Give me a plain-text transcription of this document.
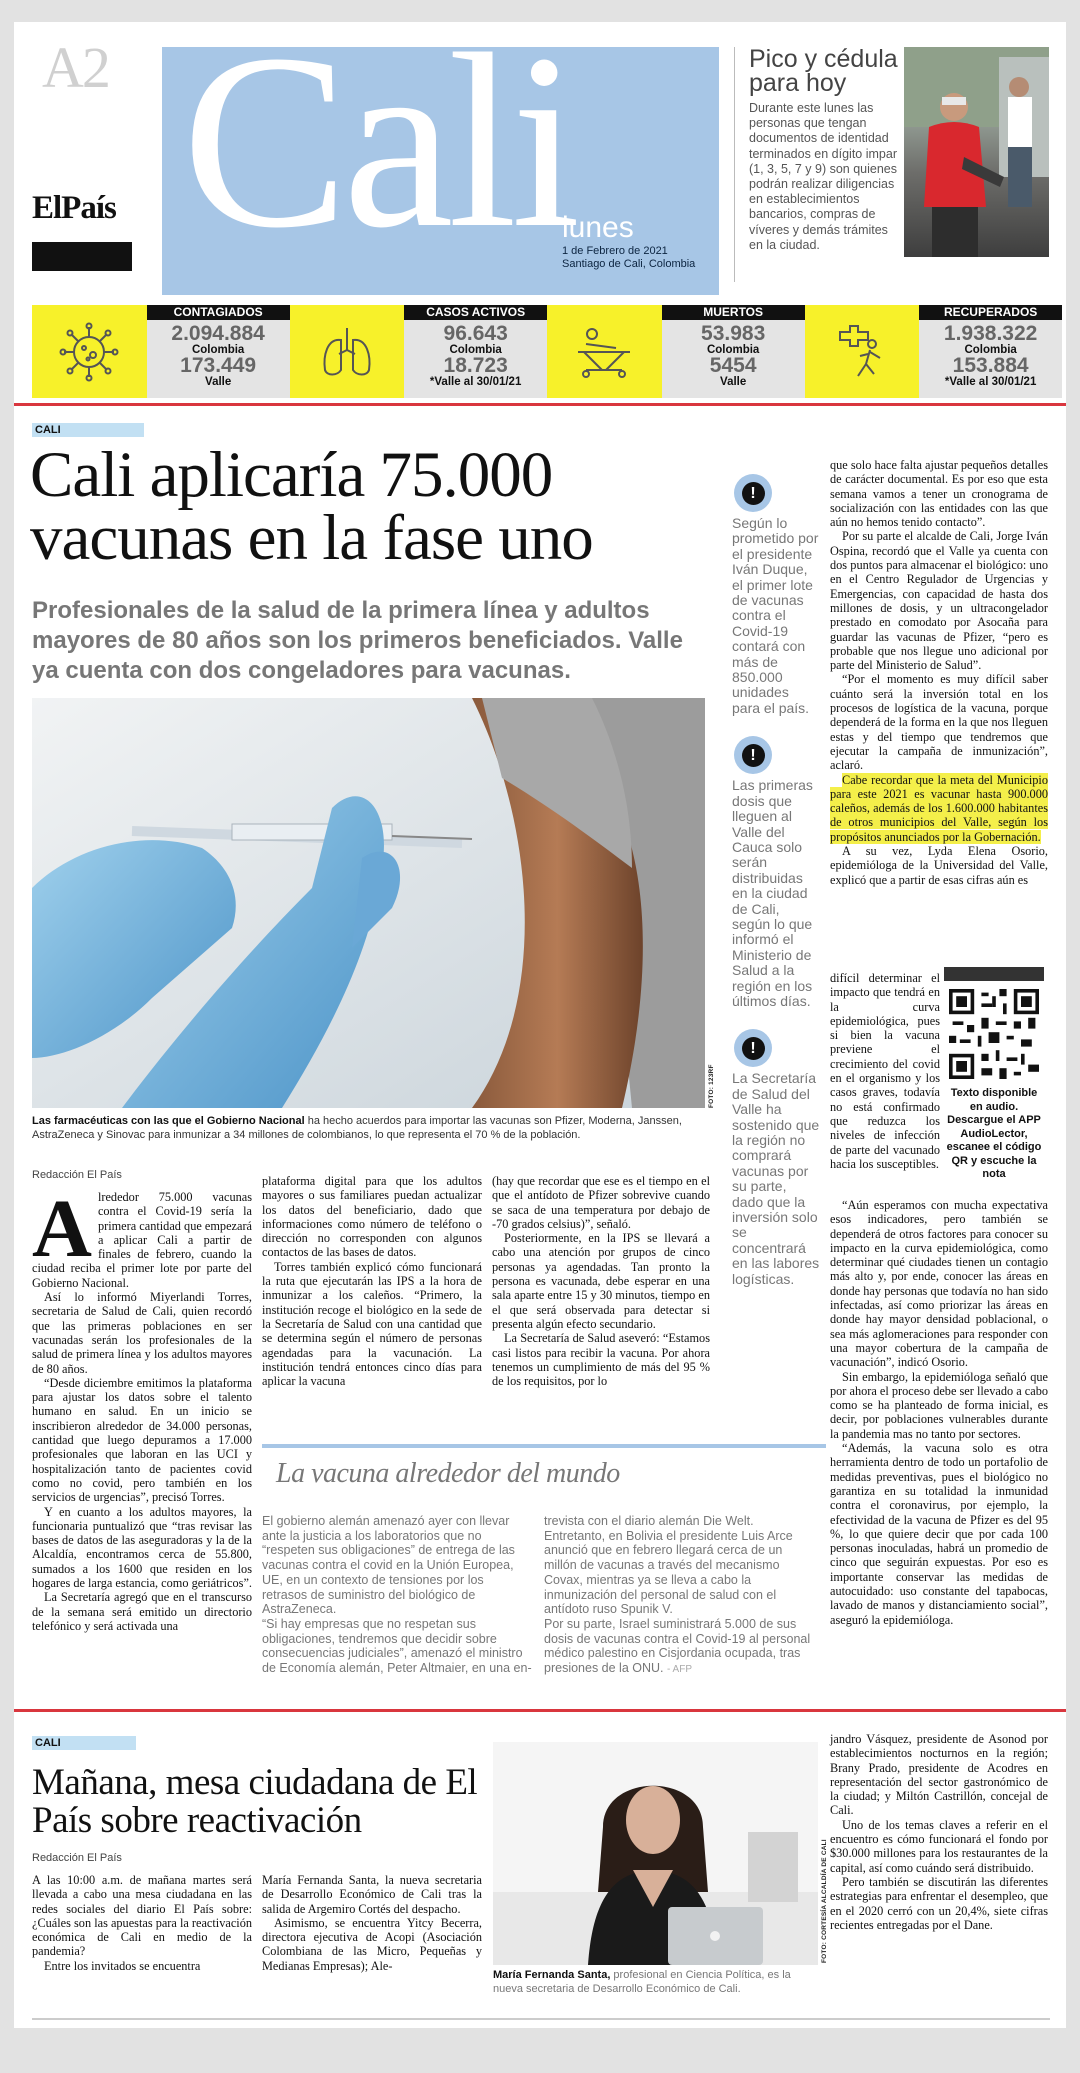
A2
ElPaís Cali
lunes
1 de Febrero de 2021
Santiago de Cali, Colombia
Pico y cédula para hoy

Durante este lunes las personas que tengan documentos de identidad terminados en dígito impar (1, 3, 5, 7 y 9) son quienes podrán realizar diligencias en establecimientos bancarios, compras de víveres y demás trámites en la ciudad.

CONTAGIADOS
2.094.884
Colombia
173.449
Valle
CASOS ACTIVOS
96.643
Colombia
18.723
*Valle al 30/01/21
MUERTOS
53.983
Colombia
5454
Valle
RECUPERADOS
1.938.322
Colombia
153.884
*Valle al 30/01/21
CALI
Cali aplicaría 75.000 vacunas en la fase uno
Profesionales de la salud de la primera línea y adultos mayores de 80 años son los primeros beneficiados. Valle ya cuenta con dos congeladores para vacunas.
FOTO: 123RF
Las farmacéuticas con las que el Gobierno Nacional ha hecho acuerdos para importar las vacunas son Pfizer, Moderna, Janssen, AstraZeneca y Sinovac para inmunizar a 34 millones de colombianos, lo que representa el 70 % de la población.
Redacción El País

Alrededor 75.000 vacunas contra el Covid-19 sería la primera cantidad que empezará a aplicar Cali a partir de finales de febrero, cuando la ciudad reciba el primer lote por parte del Gobierno Nacional.

Así lo informó Miyerlandi Torres, secretaria de Salud de Cali, quien recordó que las primeras poblaciones en ser vacunadas serán los profesionales de la salud de primera línea y los adultos mayores de 80 años.

“Desde diciembre emitimos la plataforma para ajustar los datos sobre el talento humano en salud. En un inicio se inscribieron alrededor de 34.000 personas, cantidad que luego depuramos a 17.000 profesionales que laboran en las UCI y hospitalización tanto de pacientes covid como no covid, pero también en los servicios de urgencias”, precisó Torres.

Y en cuanto a los adultos mayores, la funcionaria puntualizó que “tras revisar las bases de datos de las aseguradoras y la de la Alcaldía, encontramos cerca de 55.800, sumados a los 1600 que residen en los hogares de larga estancia, como geriátricos”.

La Secretaría agregó que en el transcurso de la semana será emitido un directorio telefónico y será activada una

plataforma digital para que los adultos mayores o sus familiares puedan actualizar los datos del beneficiario, dado que informaciones como número de teléfono o dirección no corresponden con algunos contactos de las bases de datos.

Torres también explicó cómo funcionará la ruta que ejecutarán las IPS a la hora de inmunizar a los caleños. “Primero, la institución recoge el biológico en la sede de la Secretaría de Salud con una cantidad que se determina según el número de personas agendadas para la vacunación. La institución tendrá entonces cinco días para aplicar la vacuna

(hay que recordar que ese es el tiempo en el que el antídoto de Pfizer sobrevive cuando se saca de una temperatura por debajo de -70 grados celsius)”, señaló.

Posteriormente, en la IPS se llevará a cabo una atención por grupos de cinco personas ya agendadas. Tan pronto la persona es vacunada, debe esperar en una sala aparte entre 15 y 30 minutos, tiempo en el que será observada para detectar si presenta algún efecto secundario.

La Secretaría de Salud aseveró: “Estamos casi listos para recibir la vacuna. Por ahora tenemos un cumplimiento de más del 95 % de los requisitos, por lo

La vacuna alrededor del mundo
El gobierno alemán amenazó ayer con llevar ante la justicia a los laboratorios que no “respeten sus obligaciones” de entrega de las vacunas contra el covid en la Unión Europea, UE, en un contexto de tensiones por los retrasos de suministro del biológico de AstraZeneca.
“Si hay empresas que no respetan sus obligaciones, tendremos que decidir sobre consecuencias judiciales”, amenazó el ministro de Economía alemán, Peter Altmaier, en una en-
trevista con el diario alemán Die Welt. Entretanto, en Bolivia el presidente Luis Arce anunció que en febrero llegará cerca de un millón de vacunas a través del mecanismo Covax, mientras ya se lleva a cabo la inmunización del personal de salud con el antídoto ruso Spunik V.
Por su parte, Israel suministrará 5.000 de sus dosis de vacunas contra el Covid-19 al personal médico palestino en Cisjordania ocupada, tras presiones de la ONU. - AFP
!
Según lo prometido por el presidente Iván Duque, el primer lote de vacunas contra el Covid-19 contará con más de 850.000 unidades para el país.
!
Las primeras dosis que lleguen al Valle del Cauca solo serán distribuidas en la ciudad de Cali, según lo que informó el Ministerio de Salud a la región en los últimos días.
!
La Secretaría de Salud del Valle ha sostenido que la región no comprará vacunas por su parte, dado que la inversión solo se concentrará en las labores logísticas.

que solo hace falta ajustar pequeños detalles de carácter documental. Es por eso que esta semana vamos a tener un cronograma de socialización con las entidades con las que aún no hemos tenido contacto”.

Por su parte el alcalde de Cali, Jorge Iván Ospina, recordó que el Valle ya cuenta con dos puntos para almacenar el biológico: uno en el Centro Regulador de Urgencias y Emergencias, con capacidad de hasta dos millones de dosis, y un ultracongelador prestado en comodato por Asocaña para guardar las vacunas de Pfizer, “pero es probable que nos llegue uno adicional por parte del Ministerio de Salud”.

“Por el momento es muy difícil saber cuánto será la inversión total en los procesos de logística de la vacuna, porque dependerá de la forma en la que nos lleguen estas y del tiempo que tendremos que ejecutar la campaña de inmunización”, aclaró.

Cabe recordar que la meta del Municipio para este 2021 es vacunar hasta 900.000 caleños, además de los 1.600.000 habitantes de otros municipios del Valle, según los propósitos anunciados por la Gobernación.

A su vez, Lyda Elena Osorio, epidemióloga de la Universidad del Valle, explicó que a partir de esas cifras aún es

difícil determinar el impacto que tendrá en la curva epidemiológica, pues si bien la vacuna previene el crecimiento del covid en el organismo y los casos graves, todavía no está confirmado que reduzca los niveles de infección de parte del vacunado hacia los susceptibles.

“Aún esperamos con mucha expectativa esos indicadores, pero también se dependerá de otros factores para conocer su impacto en la curva epidemiológica, como determinar qué ciudades tienen un contagio más alto y, por ende, conocer las áreas en donde hay personas que todavía no han sido infectadas, así como priorizar las áreas en donde hay mayor densidad poblacional, o sea más aglomeraciones para responder con una mayor cobertura de la campaña de vacunación”, indicó Osorio.

Sin embargo, la epidemióloga señaló que por ahora el proceso debe ser llevado a cabo como se ha planteado de forma inicial, es decir, por poblaciones vulnerables durante la pandemia mas no tanto por sectores.

“Además, la vacuna solo es otra herramienta dentro de todo un portafolio de medidas preventivas, pues el biológico no garantiza en su totalidad la inmunidad contra el coronavirus, por ejemplo, la efectividad de la vacuna de Pfizer es del 95 %, lo que quiere decir que por cada 100 personas inoculadas, habrá un promedio de cinco que seguirán expuestas. Por eso es importante conservar las medidas de autocuidado: uso constante del tapabocas, lavado de manos y distanciamiento social”, aseguró la epidemióloga.

Texto disponible en audio. Descargue el APP AudioLector, escanee el código QR y escuche la nota
CALI
Mañana, mesa ciudadana de El País sobre reactivación
Redacción El País

A las 10:00 a.m. de mañana martes será llevada a cabo una mesa ciudadana en las redes sociales del diario El País sobre: ¿Cuáles son las apuestas para la reactivación económica de Cali en medio de la pandemia?

Entre los invitados se encuentra

María Fernanda Santa, la nueva secretaria de Desarrollo Económico de Cali tras la salida de Argemiro Cortés del despacho.

Asimismo, se encuentra Yitcy Becerra, directora ejecutiva de Acopi (Asociación Colombiana de las Micro, Pequeñas y Medianas Empresas); Ale-

FOTO: CORTESÍA ALCALDÍA DE CALI
María Fernanda Santa, profesional en Ciencia Política, es la nueva secretaria de Desarrollo Económico de Cali.

jandro Vásquez, presidente de Asonod por establecimientos nocturnos en la región; Brany Prado, presidente de Acodres en representación del sector gastronómico de la ciudad; y Miltón Castrillón, concejal de Cali.

Uno de los temas claves a referir en el encuentro es cómo funcionará el fondo por $30.000 millones para los restaurantes de la capital, así como cuándo será distribuido.

Pero también se discutirán las diferentes estrategias para enfrentar el desempleo, que en el 2020 cerró con un 20,4%, siete cifras recientes entregadas por el Dane.
